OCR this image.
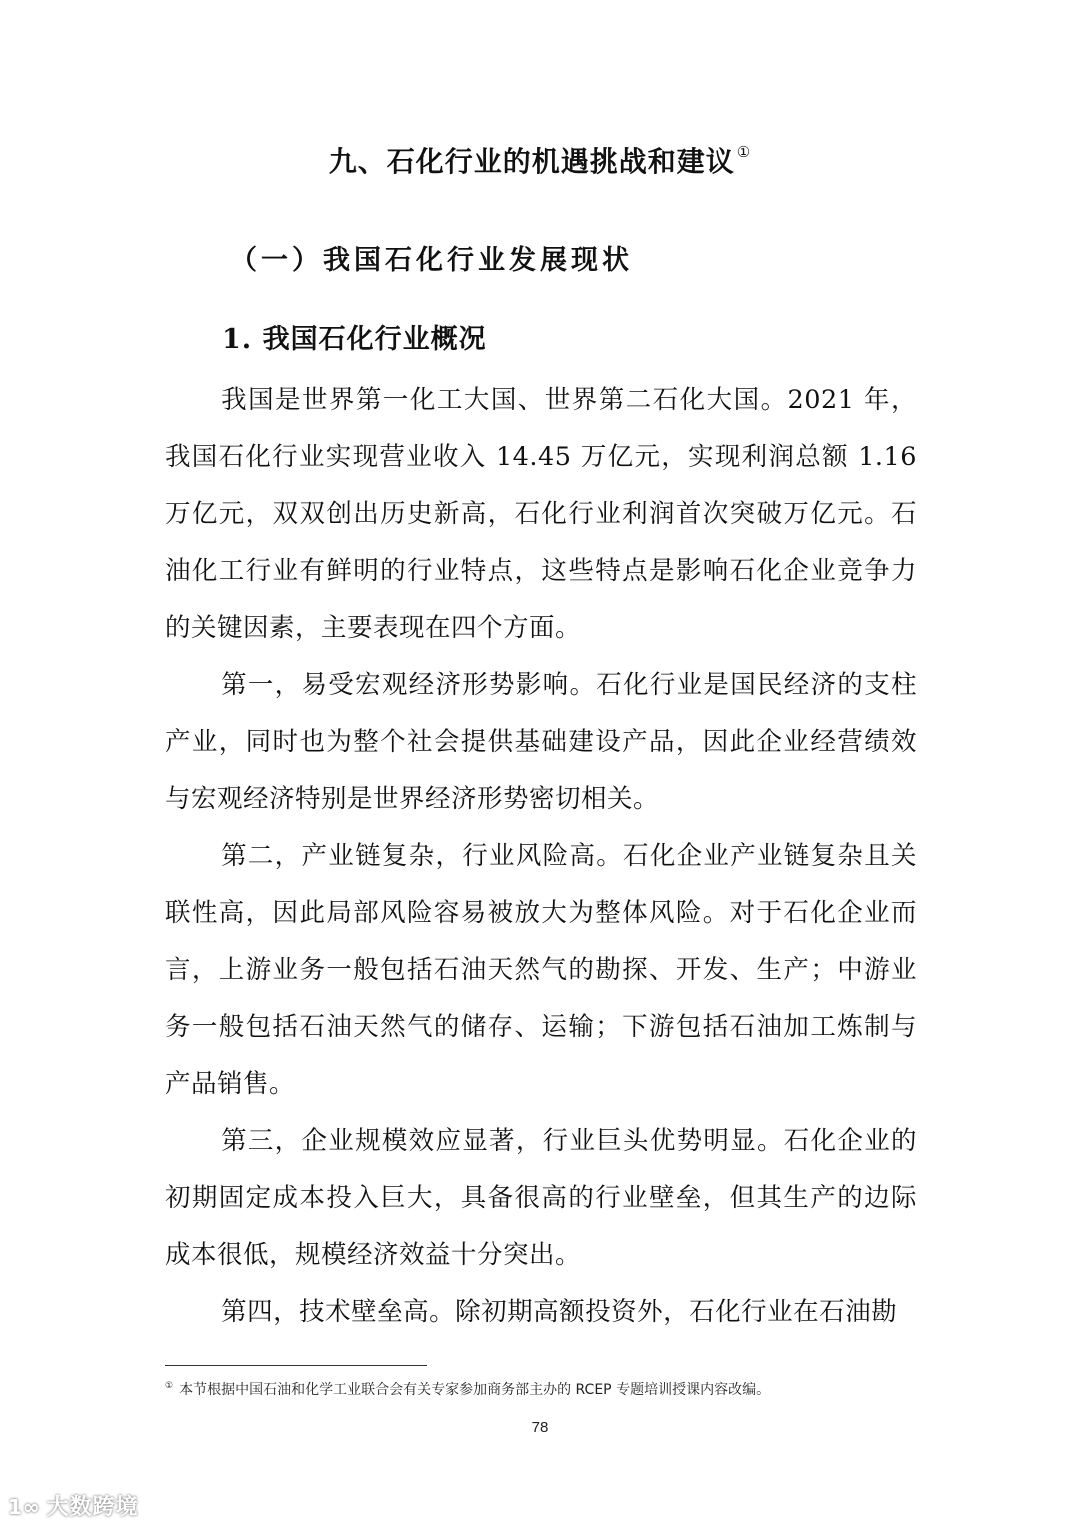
九、石化行业的机遇挑战和建议 ①
（一）我国石化行业发展现状
1. 我国石化行业概况

我国是世界第一化工大国、世界第二石化大国。2021 年，我国石化行业实现营业收入 14.45 万亿元，实现利润总额 1.16 万亿元，双双创出历史新高，石化行业利润首次突破万亿元。石油化工行业有鲜明的行业特点，这些特点是影响石化企业竞争力的关键因素，主要表现在四个方面。

第一，易受宏观经济形势影响。石化行业是国民经济的支柱产业，同时也为整个社会提供基础建设产品，因此企业经营绩效与宏观经济特别是世界经济形势密切相关。

第二，产业链复杂，行业风险高。石化企业产业链复杂且关联性高，因此局部风险容易被放大为整体风险。对于石化企业而言，上游业务一般包括石油天然气的勘探、开发、生产；中游业务一般包括石油天然气的储存、运输；下游包括石油加工炼制与产品销售。

第三，企业规模效应显著，行业巨头优势明显。石化企业的初期固定成本投入巨大，具备很高的行业壁垒，但其生产的边际成本很低，规模经济效益十分突出。

第四，技术壁垒高。除初期高额投资外，石化行业在石油勘

① 本节根据中国石油和化学工业联合会有关专家参加商务部主办的 RCEP 专题培训授课内容改编。
78
1∞ 大数跨境
